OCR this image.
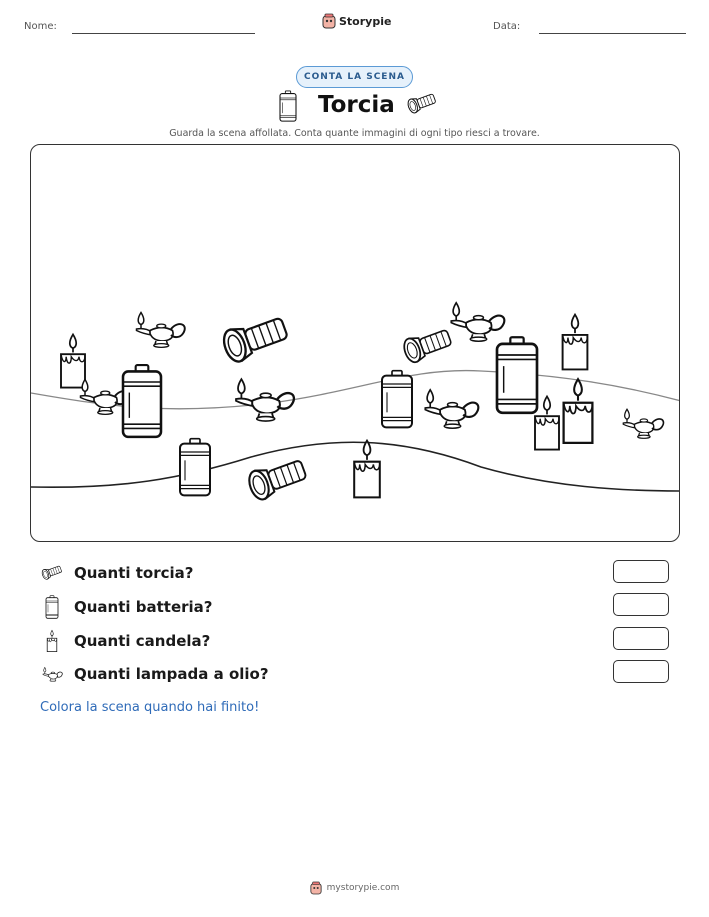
Nome:	Storypie	Data:
CONTA LA SCENA
Torcia
Guarda la scena affollata. Conta quante immagini di ogni tipo riesci a trovare.
Quanti torcia?
Quanti batteria?
Quanti candela?
Quanti lampada a olio?
Colora la scena quando hai finito!
mystorypie.com
